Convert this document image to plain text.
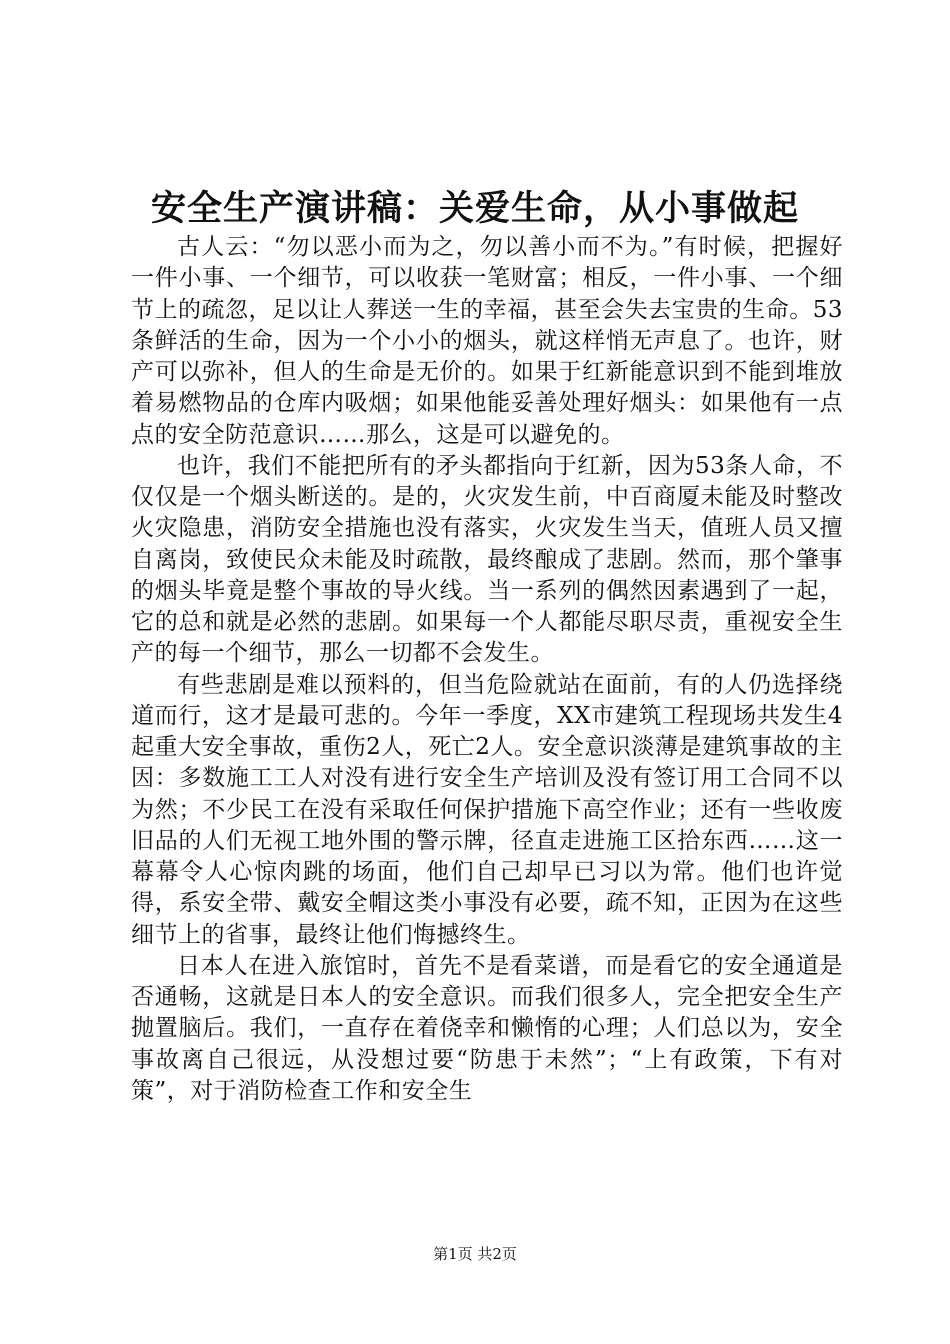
安全生产演讲稿：关爱生命，从小事做起

古人云：“勿以恶小而为之，勿以善小而不为。”有时候，把握好一件小事、一个细节，可以收获一笔财富；相反，一件小事、一个细节上的疏忽，足以让人葬送一生的幸福，甚至会失去宝贵的生命。53条鲜活的生命，因为一个小小的烟头，就这样悄无声息了。也许，财产可以弥补，但人的生命是无价的。如果于红新能意识到不能到堆放着易燃物品的仓库内吸烟；如果他能妥善处理好烟头：如果他有一点点的安全防范意识……那么，这是可以避免的。

也许，我们不能把所有的矛头都指向于红新，因为53条人命，不仅仅是一个烟头断送的。是的，火灾发生前，中百商厦未能及时整改火灾隐患，消防安全措施也没有落实，火灾发生当天，值班人员又擅自离岗，致使民众未能及时疏散，最终酿成了悲剧。然而，那个肇事的烟头毕竟是整个事故的导火线。当一系列的偶然因素遇到了一起，它的总和就是必然的悲剧。如果每一个人都能尽职尽责，重视安全生产的每一个细节，那么一切都不会发生。

有些悲剧是难以预料的，但当危险就站在面前，有的人仍选择绕道而行，这才是最可悲的。今年一季度，XX市建筑工程现场共发生4起重大安全事故，重伤2人，死亡2人。安全意识淡薄是建筑事故的主因：多数施工工人对没有进行安全生产培训及没有签订用工合同不以为然；不少民工在没有采取任何保护措施下高空作业；还有一些收废旧品的人们无视工地外围的警示牌，径直走进施工区拾东西……这一幕幕令人心惊肉跳的场面，他们自己却早已习以为常。他们也许觉得，系安全带、戴安全帽这类小事没有必要，疏不知，正因为在这些细节上的省事，最终让他们悔撼终生。

日本人在进入旅馆时，首先不是看菜谱，而是看它的安全通道是否通畅，这就是日本人的安全意识。而我们很多人，完全把安全生产抛置脑后。我们，一直存在着侥幸和懒惰的心理；人们总以为，安全事故离自己很远，从没想过要“防患于未然”；“上有政策，下有对策”，对于消防检查工作和安全生

第1页 共2页
